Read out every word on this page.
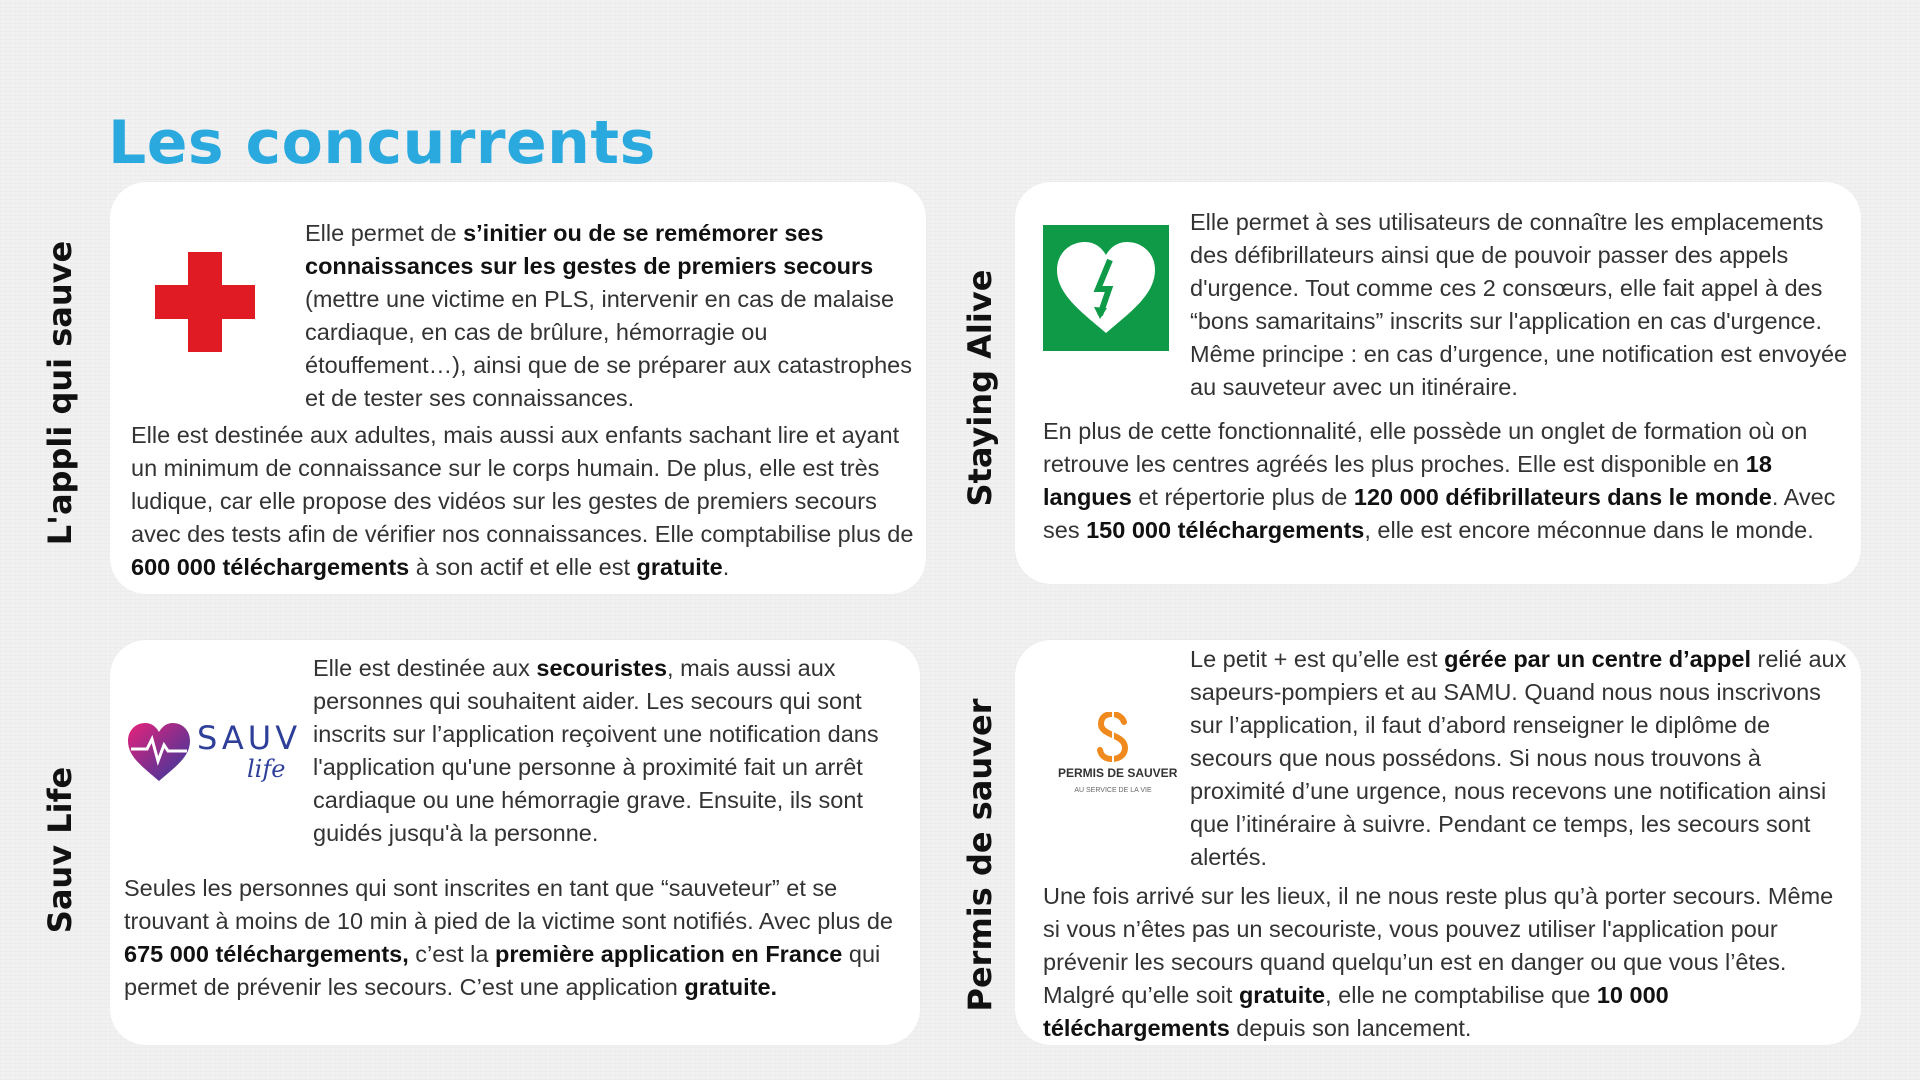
Les concurrents
L'appli qui sauve

Elle permet de s’initier ou de se remémorer ses connaissances sur les gestes de premiers secours (mettre une victime en PLS, intervenir en cas de malaise cardiaque, en cas de brûlure, hémorragie ou étouffement…), ainsi que de se préparer aux catastrophes et de tester ses connaissances.

Elle est destinée aux adultes, mais aussi aux enfants sachant lire et ayant un minimum de connaissance sur le corps humain. De plus, elle est très ludique, car elle propose des vidéos sur les gestes de premiers secours avec des tests afin de vérifier nos connaissances. Elle comptabilise plus de 600 000 téléchargements à son actif et elle est gratuite.

Staying Alive

Elle permet à ses utilisateurs de connaître les emplacements des défibrillateurs ainsi que de pouvoir passer des appels d'urgence. Tout comme ces 2 consœurs, elle fait appel à des “bons samaritains” inscrits sur l'application en cas d'urgence. Même principe : en cas d’urgence, une notification est envoyée au sauveteur avec un itinéraire.

En plus de cette fonctionnalité, elle possède un onglet de formation où on retrouve les centres agréés les plus proches. Elle est disponible en 18 langues et répertorie plus de 120 000 défibrillateurs dans le monde. Avec ses 150 000 téléchargements, elle est encore méconnue dans le monde.

Sauv Life
SAUV
life

Elle est destinée aux secouristes, mais aussi aux personnes qui souhaitent aider. Les secours qui sont inscrits sur l’application reçoivent une notification dans l'application qu'une personne à proximité fait un arrêt cardiaque ou une hémorragie grave. Ensuite, ils sont guidés jusqu'à la personne.

Seules les personnes qui sont inscrites en tant que “sauveteur” et se trouvant à moins de 10 min à pied de la victime sont notifiés. Avec plus de 675 000 téléchargements, c’est la première application en France qui permet de prévenir les secours. C’est une application gratuite.	Permis de sauver	PERMIS DE SAUVER
AU SERVICE DE LA VIE

Le petit + est qu’elle est gérée par un centre d’appel relié aux sapeurs-pompiers et au SAMU. Quand nous nous inscrivons sur l’application, il faut d’abord renseigner le diplôme de secours que nous possédons. Si nous nous trouvons à proximité d’une urgence, nous recevons une notification ainsi que l’itinéraire à suivre. Pendant ce temps, les secours sont alertés.

Une fois arrivé sur les lieux, il ne nous reste plus qu’à porter secours. Même si vous n’êtes pas un secouriste, vous pouvez utiliser l'application pour prévenir les secours quand quelqu’un est en danger ou que vous l’êtes. Malgré qu’elle soit gratuite, elle ne comptabilise que 10 000 téléchargements depuis son lancement.
